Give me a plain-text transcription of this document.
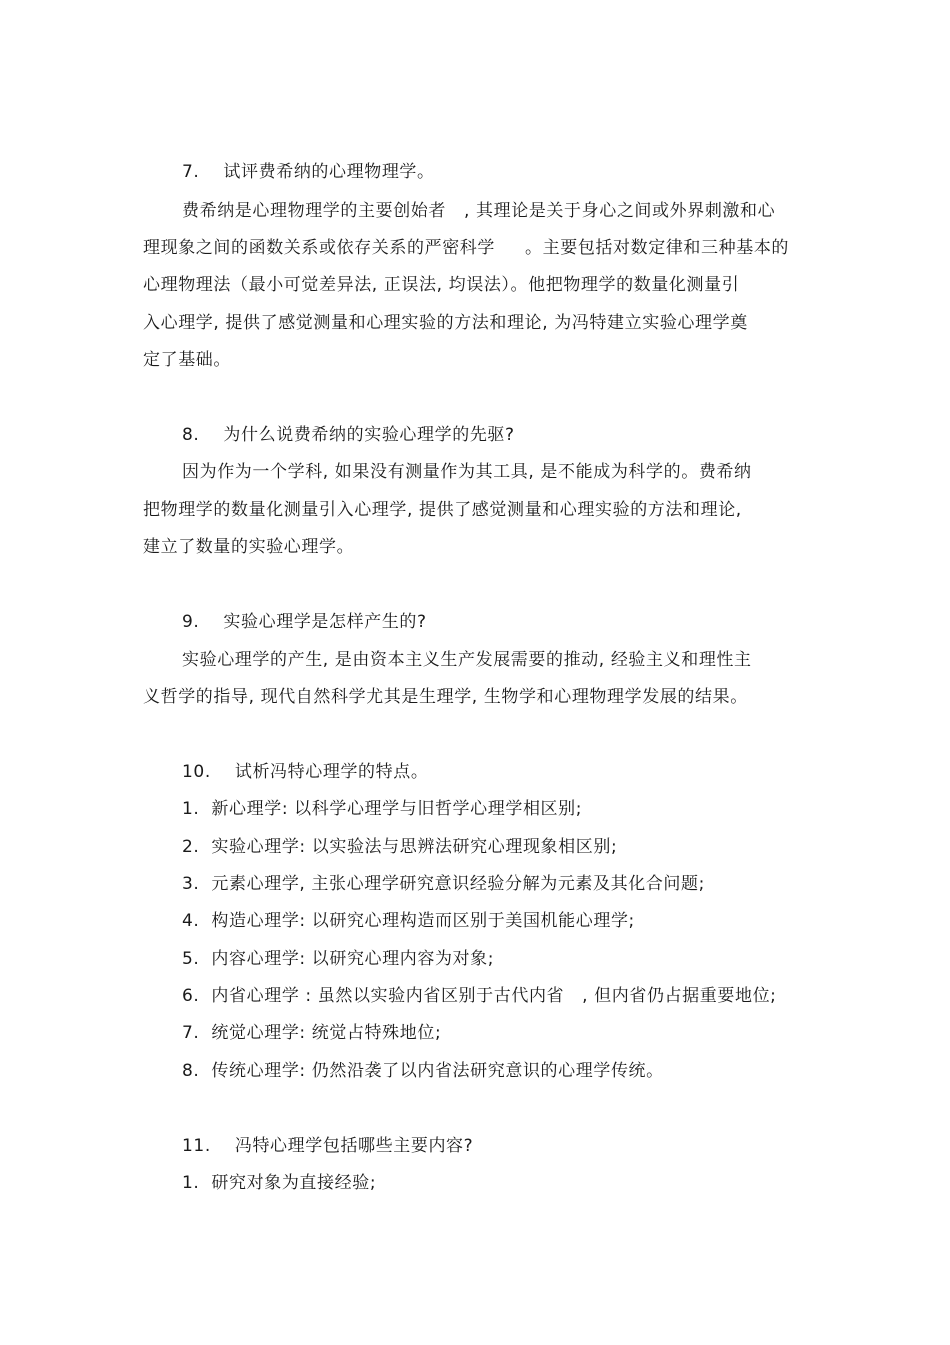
7.    试评费希纳的心理物理学。
费希纳是心理物理学的主要创始者   , 其理论是关于身心之间或外界刺激和心
理现象之间的函数关系或依存关系的严密科学     。主要包括对数定律和三种基本的
心理物理法（最小可觉差异法, 正误法, 均误法）。他把物理学的数量化测量引
入心理学, 提供了感觉测量和心理实验的方法和理论, 为冯特建立实验心理学奠
定了基础。
8.    为什么说费希纳的实验心理学的先驱?
因为作为一个学科, 如果没有测量作为其工具, 是不能成为科学的。费希纳
把物理学的数量化测量引入心理学, 提供了感觉测量和心理实验的方法和理论,
建立了数量的实验心理学。
9.    实验心理学是怎样产生的?
实验心理学的产生, 是由资本主义生产发展需要的推动, 经验主义和理性主
义哲学的指导, 现代自然科学尤其是生理学, 生物学和心理物理学发展的结果。
10.    试析冯特心理学的特点。
1.  新心理学: 以科学心理学与旧哲学心理学相区别;
2.  实验心理学: 以实验法与思辨法研究心理现象相区别;
3.  元素心理学, 主张心理学研究意识经验分解为元素及其化合问题;
4.  构造心理学: 以研究心理构造而区别于美国机能心理学;
5.  内容心理学: 以研究心理内容为对象;
6.  内省心理学 : 虽然以实验内省区别于古代内省   , 但内省仍占据重要地位;
7.  统觉心理学: 统觉占特殊地位;
8.  传统心理学: 仍然沿袭了以内省法研究意识的心理学传统。
11.    冯特心理学包括哪些主要内容?
1.  研究对象为直接经验;
